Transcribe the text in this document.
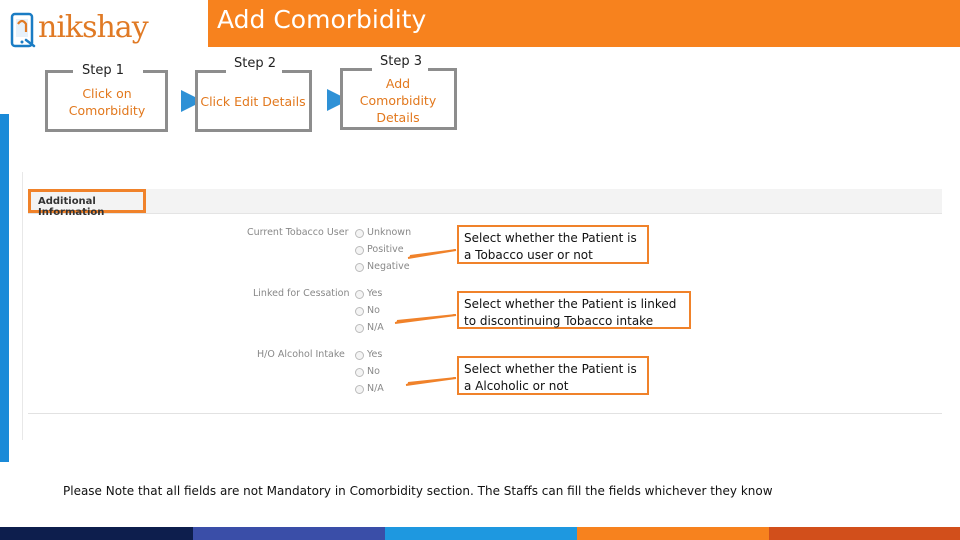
nikshay	Add Comorbidity
Step 1
Click on Comorbidity
Step 2
Click Edit Details
Step 3
Add Comorbidity Details
Additional Information
Current Tobacco User Unknown
Positive
Negative
Linked for Cessation Yes
No
N/A
H/O Alcohol Intake Yes
No
N/A
Select whether the Patient is a Tobacco user or not
Select whether the Patient is linked to discontinuing Tobacco intake
Select whether the Patient is a Alcoholic or not
Please Note that all fields are not Mandatory in Comorbidity section. The Staffs can fill the fields whichever they know
